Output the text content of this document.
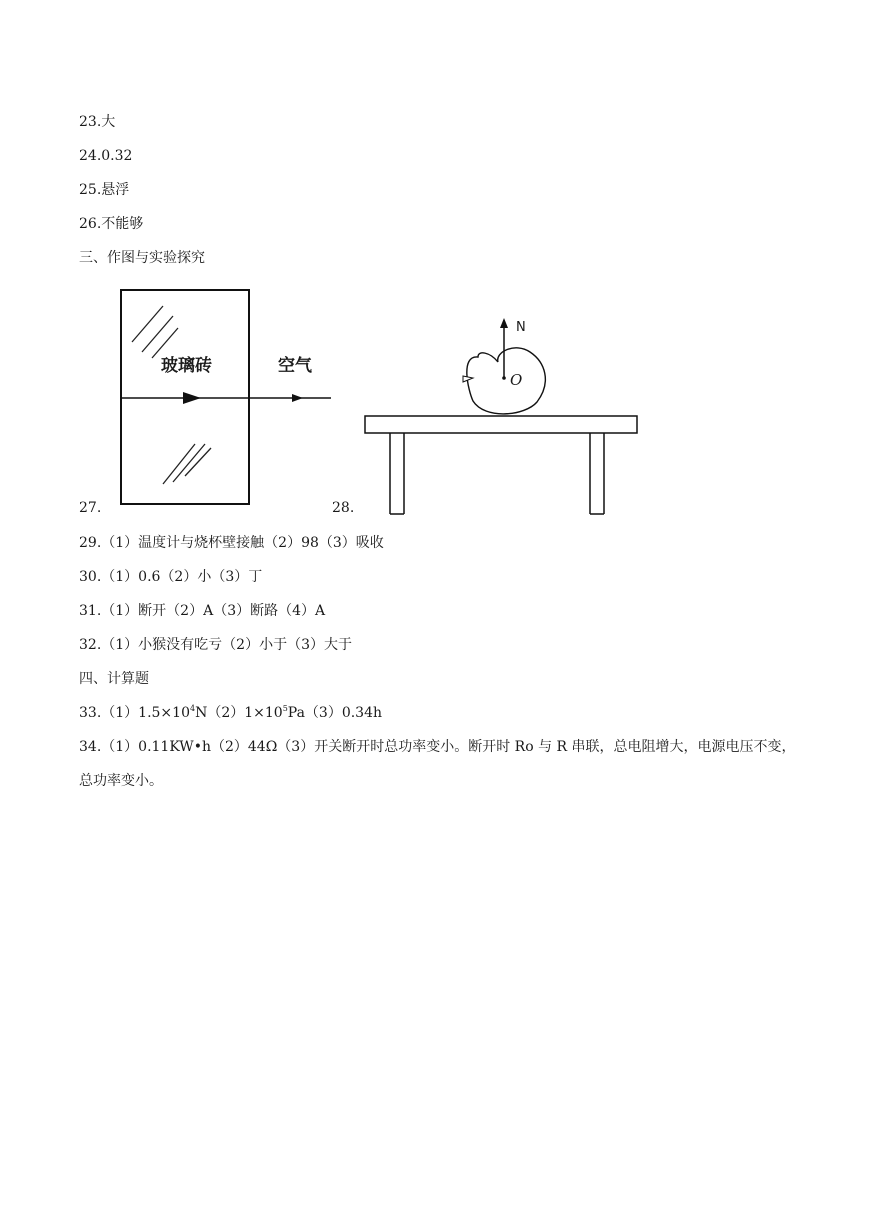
23.大
24.0.32
25.悬浮
26.不能够
三、作图与实验探究
27.
玻璃砖	空气
28.
N
O
29.（1）温度计与烧杯壁接触（2）98（3）吸收
30.（1）0.6（2）小（3）丁
31.（1）断开（2）A（3）断路（4）A
32.（1）小猴没有吃亏（2）小于（3）大于
四、计算题
$33.(1)1.5\times 10^4N(2)1\times 10^5Pa(3)0.34h$
34.（1）0.11KW•h（2）44Ω（3）开关断开时总功率变小。断开时 Ro 与 R 串联，总电阻增大，电源电压不变，总功率变小。
